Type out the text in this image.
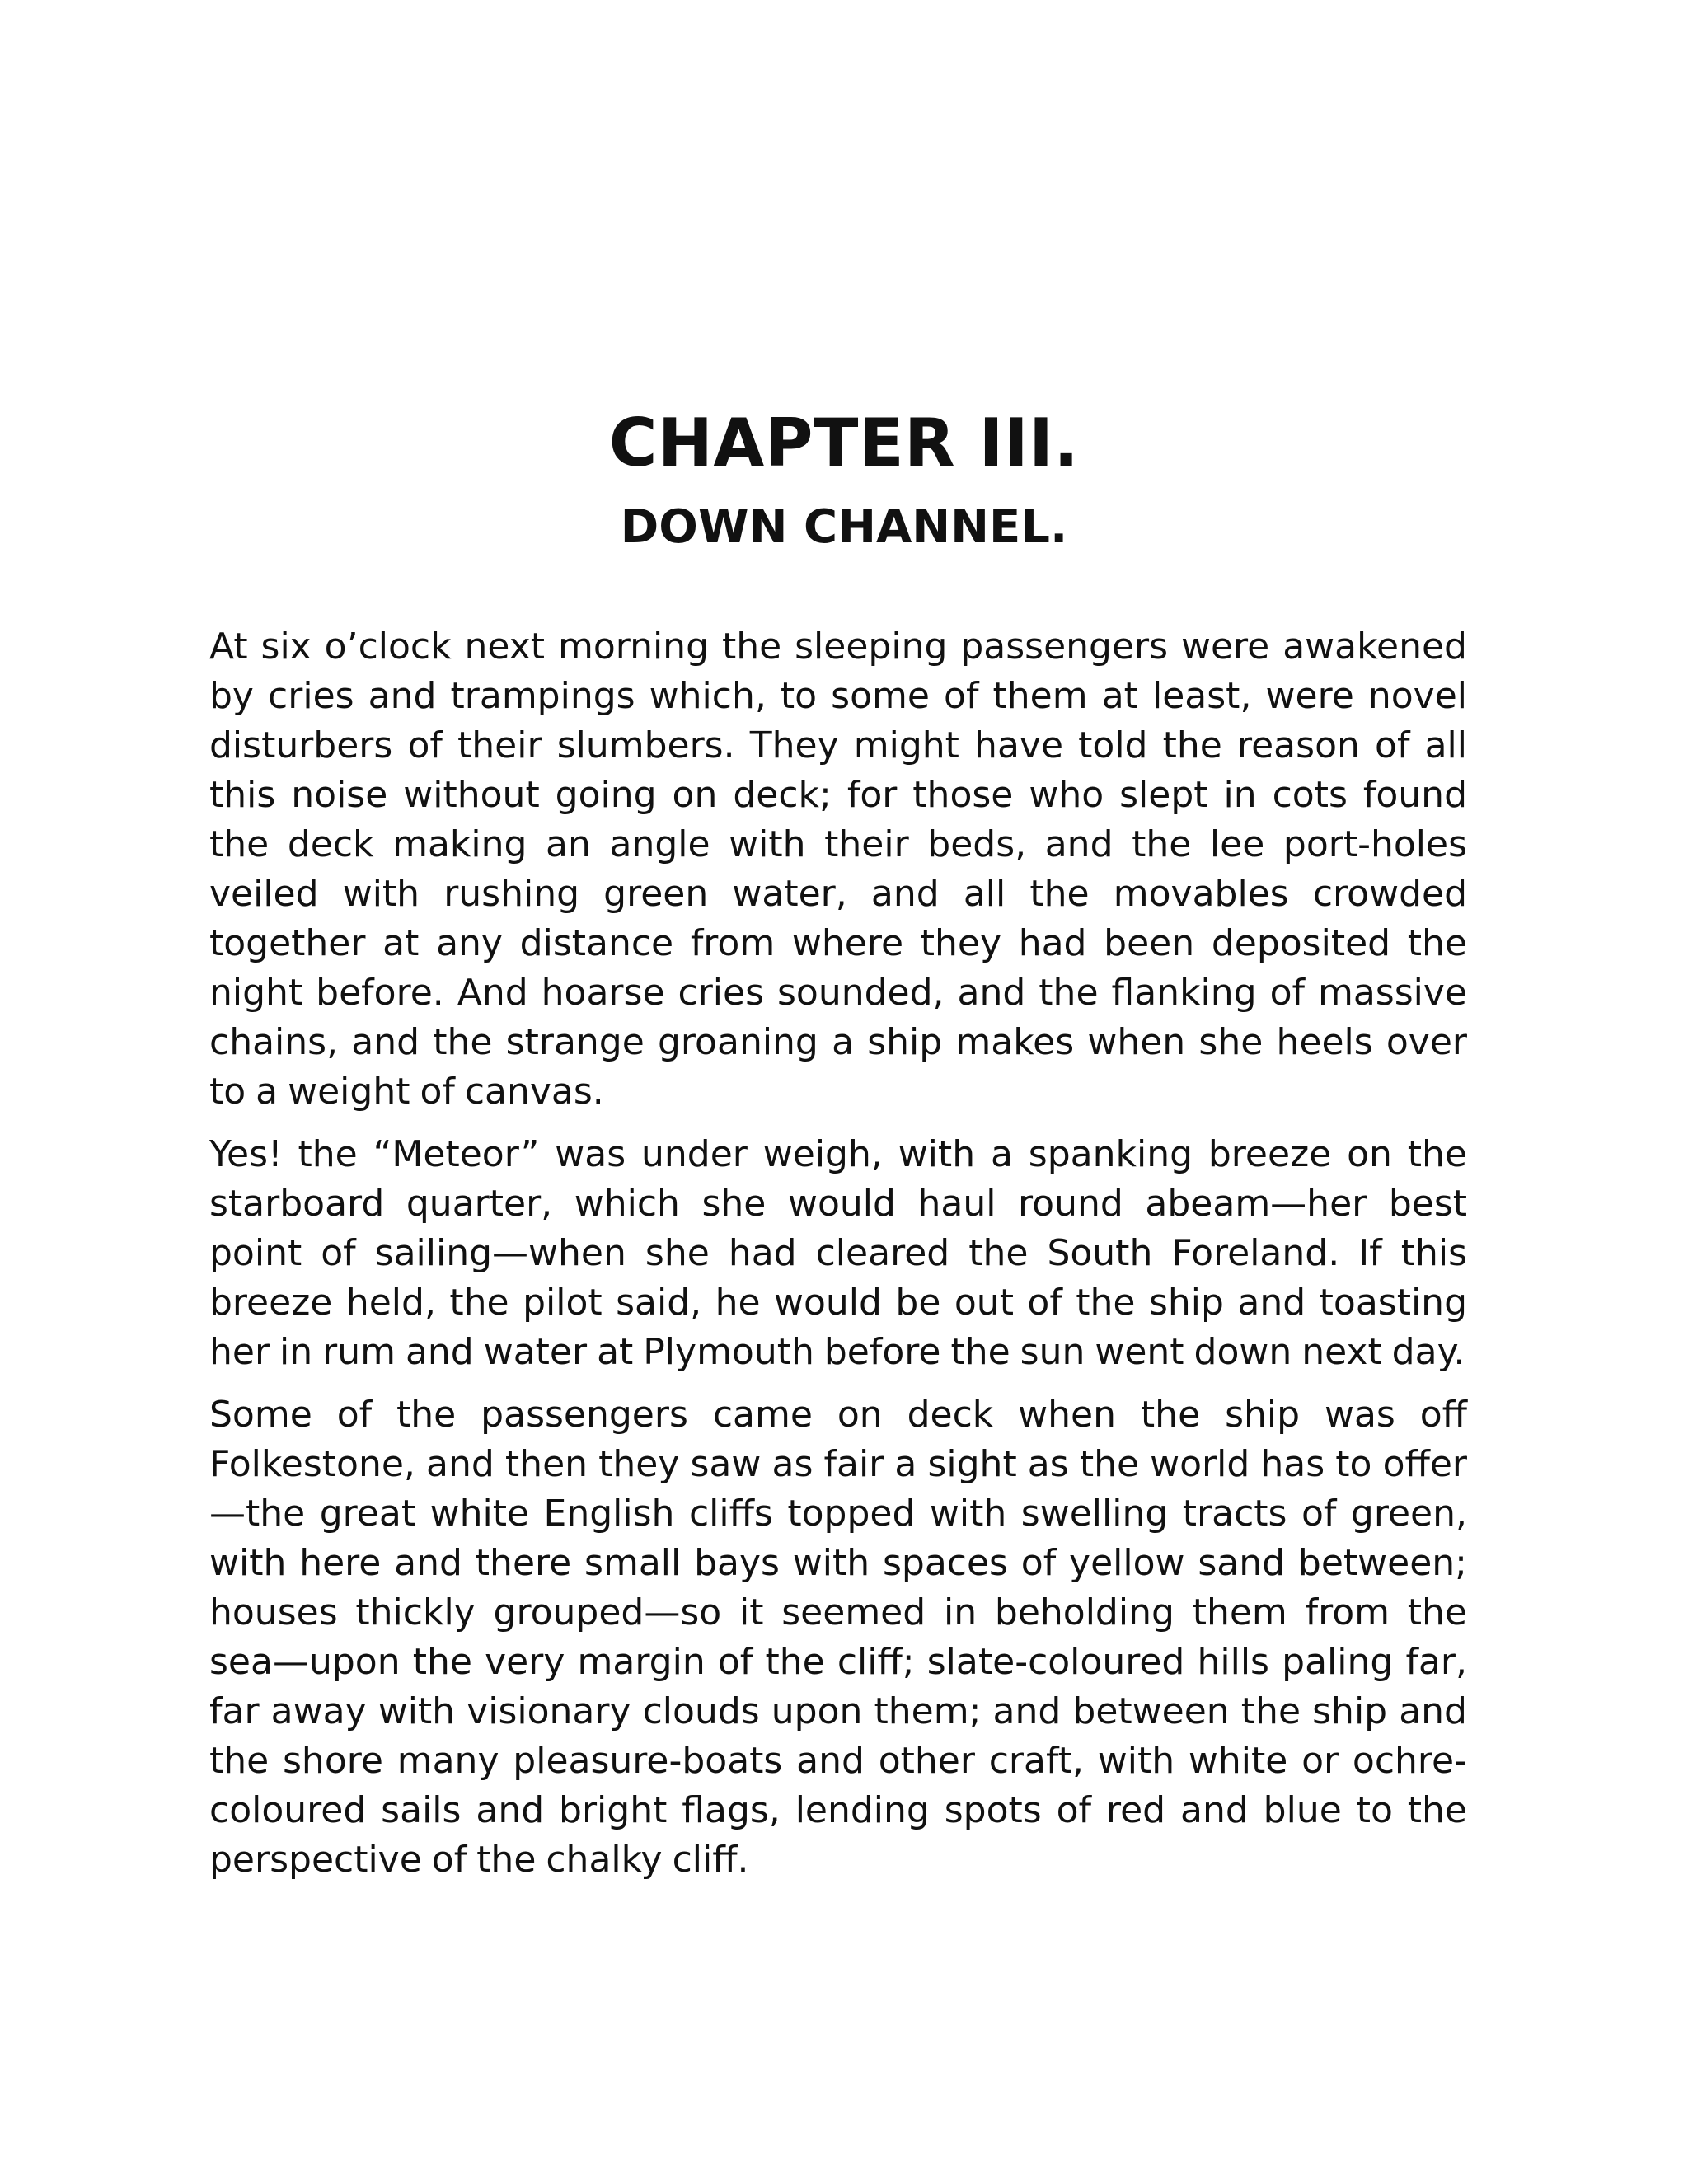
CHAPTER III.
DOWN CHANNEL.

At six o’clock next morning the sleeping passengers were awakened by cries and trampings which, to some of them at least, were novel disturbers of their slumbers. They might have told the reason of all this noise without going on deck; for those who slept in cots found the deck making an angle with their beds, and the lee port-holes veiled with rushing green water, and all the movables crowded together at any distance from where they had been deposited the night before. And hoarse cries sounded, and the flanking of massive chains, and the strange groaning a ship makes when she heels over to a weight of canvas.

Yes! the “Meteor” was under weigh, with a spanking breeze on the starboard quarter, which she would haul round abeam—her best point of sailing—when she had cleared the South Foreland. If this breeze held, the pilot said, he would be out of the ship and toasting her in rum and water at Plymouth before the sun went down next day.

Some of the passengers came on deck when the ship was off Folkestone, and then they saw as fair a sight as the world has to offer—the great white English cliffs topped with swelling tracts of green, with here and there small bays with spaces of yellow sand between; houses thickly grouped—so it seemed in beholding them from the sea—upon the very margin of the cliff; slate-coloured hills paling far, far away with visionary clouds upon them; and between the ship and the shore many pleasure-boats and other craft, with white or ochre-coloured sails and bright flags, lending spots of red and blue to the perspective of the chalky cliff.
